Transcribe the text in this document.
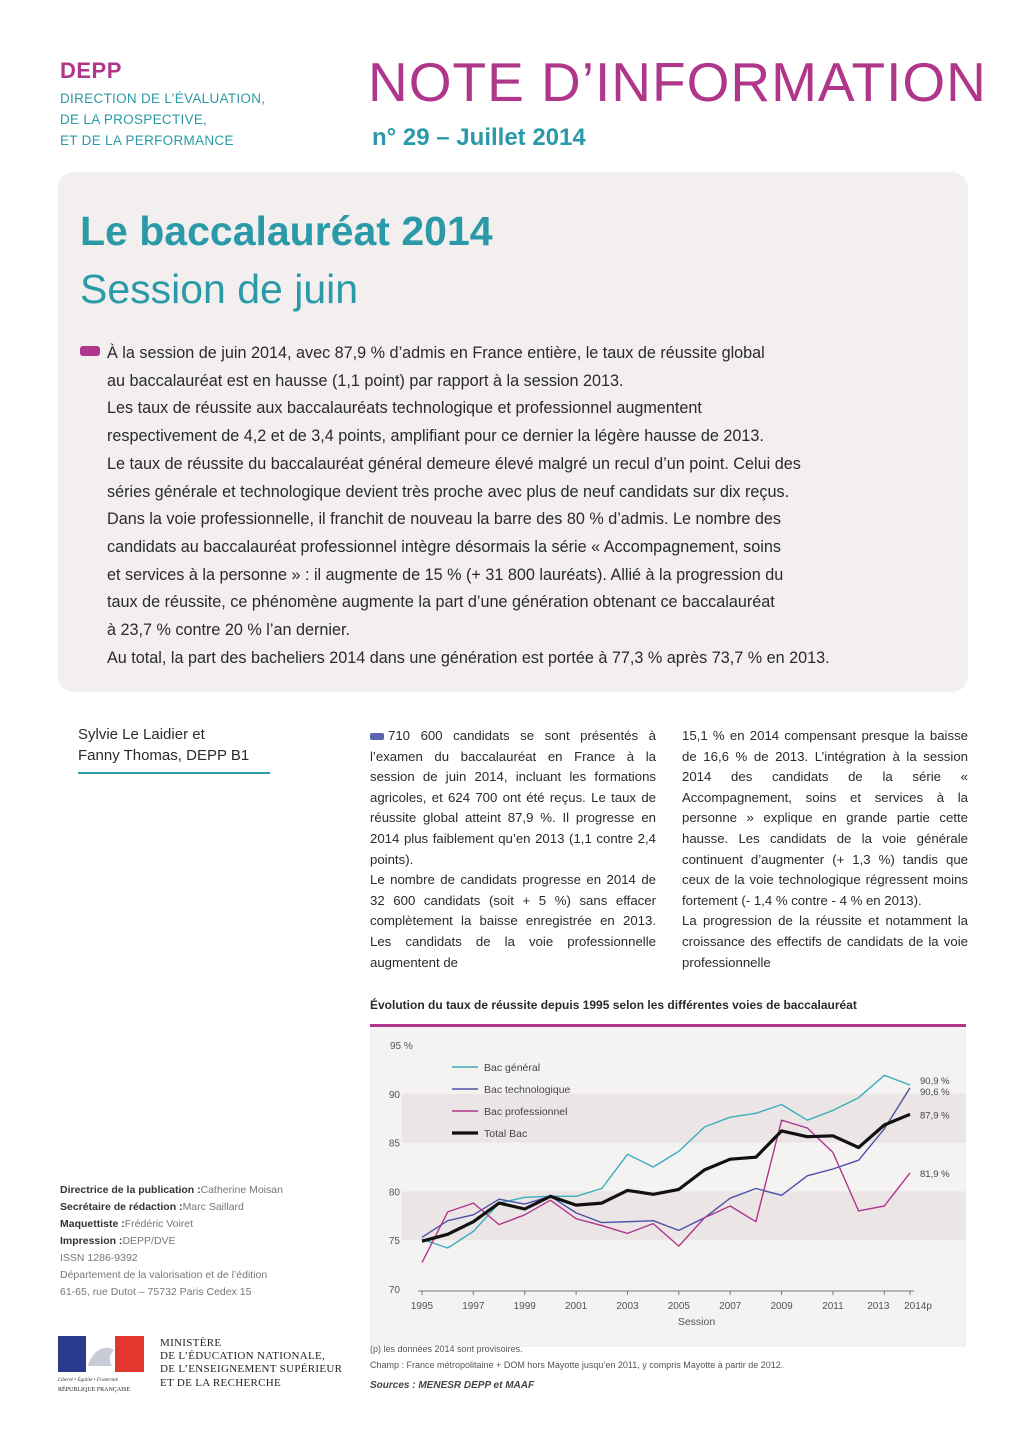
DEPP
DIRECTION DE L’ÉVALUATION,
DE LA PROSPECTIVE,
ET DE LA PERFORMANCE
NOTE D’INFORMATION
n° 29 – Juillet 2014
Le baccalauréat 2014
Session de juin

À la session de juin 2014, avec 87,9 % d’admis en France entière, le taux de réussite global

au baccalauréat est en hausse (1,1 point) par rapport à la session 2013.

Les taux de réussite aux baccalauréats technologique et professionnel augmentent

respectivement de 4,2 et de 3,4 points, amplifiant pour ce dernier la légère hausse de 2013.

Le taux de réussite du baccalauréat général demeure élevé malgré un recul d’un point. Celui des

séries générale et technologique devient très proche avec plus de neuf candidats sur dix reçus.

Dans la voie professionnelle, il franchit de nouveau la barre des 80 % d’admis. Le nombre des

candidats au baccalauréat professionnel intègre désormais la série « Accompagnement, soins

et services à la personne » : il augmente de 15 % (+ 31 800 lauréats). Allié à la progression du

taux de réussite, ce phénomène augmente la part d’une génération obtenant ce baccalauréat

à 23,7 % contre 20 % l’an dernier.

Au total, la part des bacheliers 2014 dans une génération est portée à 77,3 % après 73,7 % en 2013.

Sylvie Le Laidier et
Fanny Thomas, DEPP B1
710 600 candidats se sont présentés à l’examen du baccalauréat en France à la session de juin 2014, incluant les formations agricoles, et 624 700 ont été reçus. Le taux de réussite global atteint 87,9 %. Il progresse en 2014 plus faiblement qu’en 2013 (1,1 contre 2,4 points).
Le nombre de candidats progresse en 2014 de 32 600 candidats (soit + 5 %) sans effacer complètement la baisse enregistrée en 2013. Les candidats de la voie professionnelle augmentent de
15,1 % en 2014 compensant presque la baisse de 16,6 % de 2013. L’intégration à la session 2014 des candidats de la série « Accompagnement, soins et services à la personne » explique en grande partie cette hausse. Les candidats de la voie générale continuent d’augmenter (+ 1,3 %) tandis que ceux de la voie technologique régressent moins fortement (- 1,4 % contre - 4 % en 2013).
La progression de la réussite et notamment la croissance des effectifs de candidats de la voie professionnelle
Évolution du taux de réussite depuis 1995 selon les différentes voies de baccalauréat
70
75
80
85
90
95 %
1995	1997	1999	2001	2003	2005	2007	2009	2011 2013 2014p
Session
Bac général
Bac technologique
Bac professionnel
Total Bac
90,9 %
90,6 %
87,9 %
81,9 %
(p) les données 2014 sont provisoires.
Champ : France métropolitaine + DOM hors Mayotte jusqu’en 2011, y compris Mayotte à partir de 2012.
Sources : MENESR DEPP et MAAF
Directrice de la publication :Catherine Moisan
Secrétaire de rédaction :Marc Saillard
Maquettiste :Frédéric Voiret
Impression :DEPP/DVE
ISSN 1286-9392
Département de la valorisation et de l’édition
61-65, rue Dutot – 75732 Paris Cedex 15
Liberté • Égalité • Fraternité
RÉPUBLIQUE FRANÇAISE
MINISTÈRE
DE L’ÉDUCATION NATIONALE,
DE L’ENSEIGNEMENT SUPÉRIEUR
ET DE LA RECHERCHE
